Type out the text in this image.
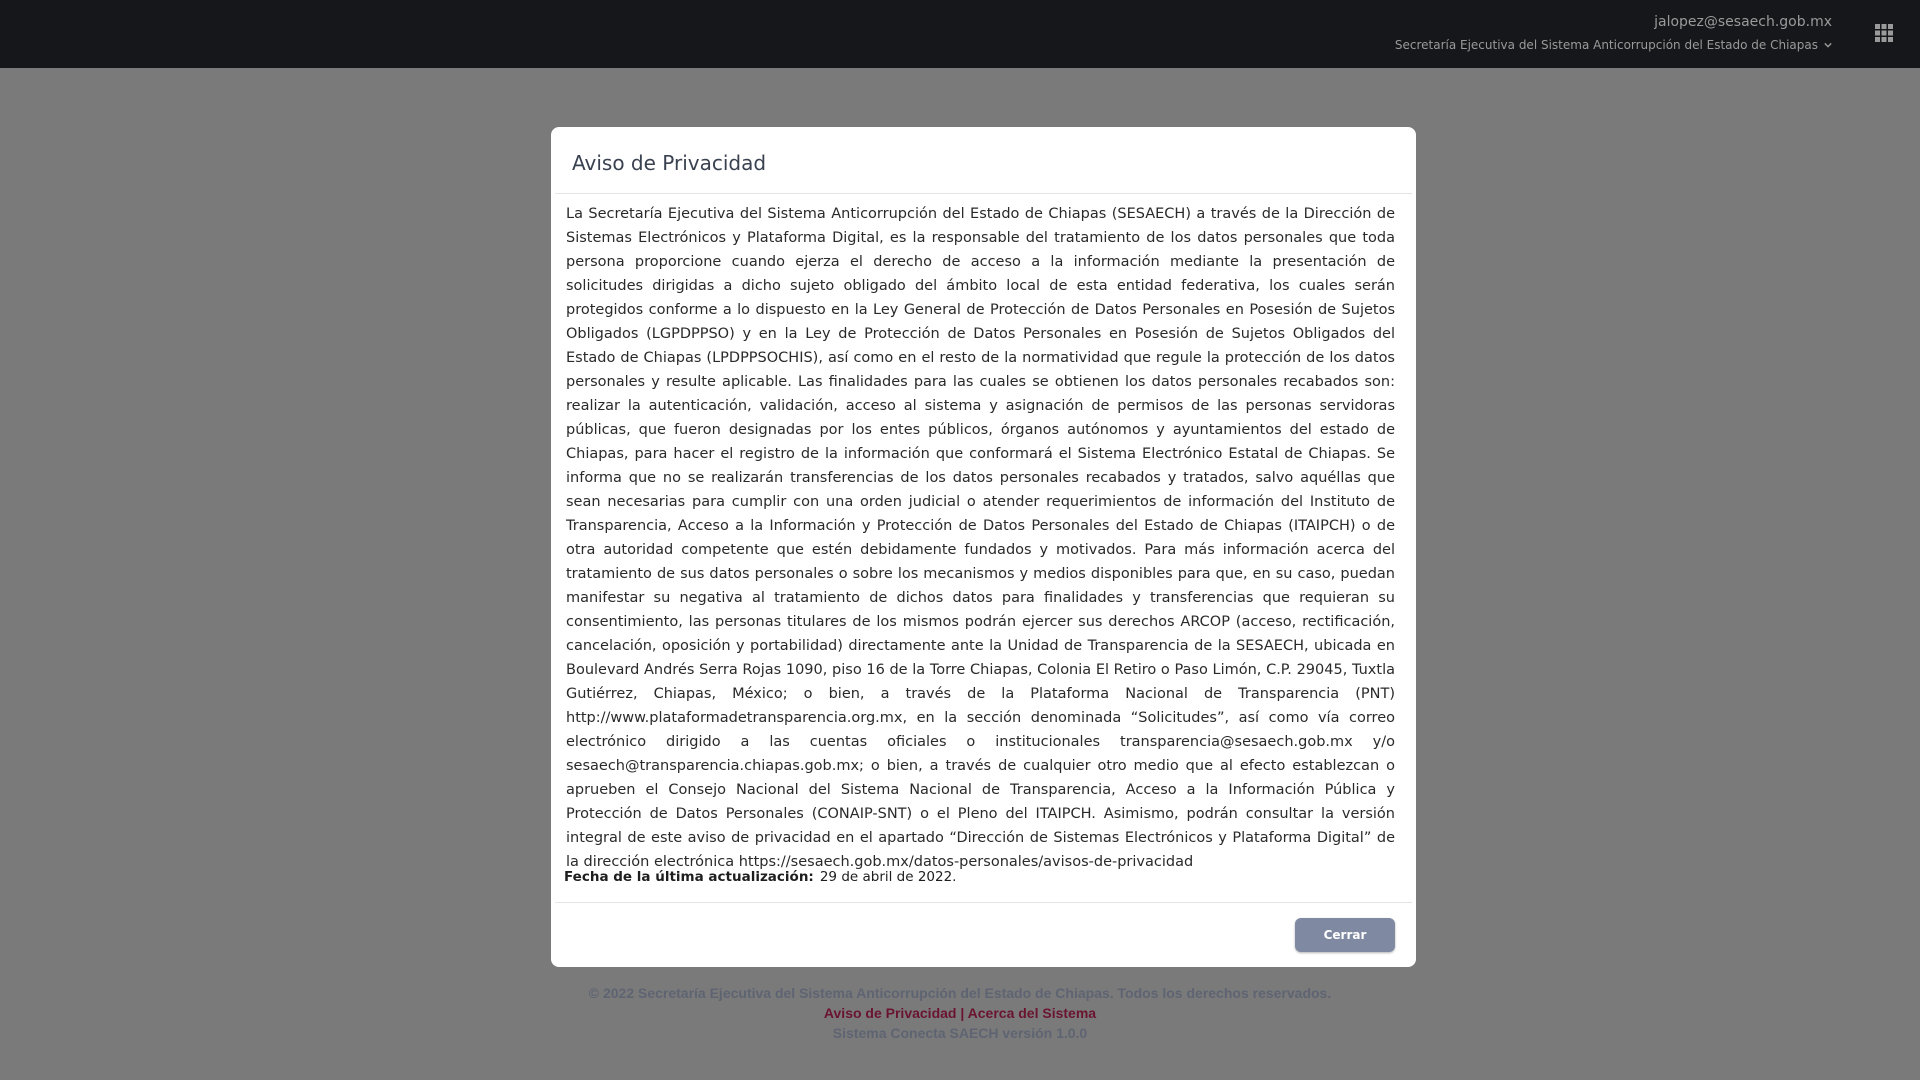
jalopez@sesaech.gob.mx
Secretaría Ejecutiva del Sistema Anticorrupción del Estado de Chiapas
Aviso de Privacidad

La Secretaría Ejecutiva del Sistema Anticorrupción del Estado de Chiapas (SESAECH) a través de la Dirección de Sistemas Electrónicos y Plataforma Digital, es la responsable del tratamiento de los datos personales que toda persona proporcione cuando ejerza el derecho de acceso a la información mediante la presentación de solicitudes dirigidas a dicho sujeto obligado del ámbito local de esta entidad federativa, los cuales serán protegidos conforme a lo dispuesto en la Ley General de Protección de Datos Personales en Posesión de Sujetos Obligados (LGPDPPSO) y en la Ley de Protección de Datos Personales en Posesión de Sujetos Obligados del Estado de Chiapas (LPDPPSOCHIS), así como en el resto de la normatividad que regule la protección de los datos personales y resulte aplicable. Las finalidades para las cuales se obtienen los datos personales recabados son: realizar la autenticación, validación, acceso al sistema y asignación de permisos de las personas servidoras públicas, que fueron designadas por los entes públicos, órganos autónomos y ayuntamientos del estado de Chiapas, para hacer el registro de la información que conformará el Sistema Electrónico Estatal de Chiapas. Se informa que no se realizarán transferencias de los datos personales recabados y tratados, salvo aquéllas que sean necesarias para cumplir con una orden judicial o atender requerimientos de información del Instituto de Transparencia, Acceso a la Información y Protección de Datos Personales del Estado de Chiapas (ITAIPCH) o de otra autoridad competente que estén debidamente fundados y motivados. Para más información acerca del tratamiento de sus datos personales o sobre los mecanismos y medios disponibles para que, en su caso, puedan manifestar su negativa al tratamiento de dichos datos para finalidades y transferencias que requieran su consentimiento, las personas titulares de los mismos podrán ejercer sus derechos ARCOP (acceso, rectificación, cancelación, oposición y portabilidad) directamente ante la Unidad de Transparencia de la SESAECH, ubicada en Boulevard Andrés Serra Rojas 1090, piso 16 de la Torre Chiapas, Colonia El Retiro o Paso Limón, C.P. 29045, Tuxtla Gutiérrez, Chiapas, México; o bien, a través de la Plataforma Nacional de Transparencia (PNT) http://www.plataformadetransparencia.org.mx, en la sección denominada “Solicitudes”, así como vía correo electrónico dirigido a las cuentas oficiales o institucionales transparencia@sesaech.gob.mx y/o sesaech@transparencia.chiapas.gob.mx; o bien, a través de cualquier otro medio que al efecto establezcan o aprueben el Consejo Nacional del Sistema Nacional de Transparencia, Acceso a la Información Pública y Protección de Datos Personales (CONAIP-SNT) o el Pleno del ITAIPCH. Asimismo, podrán consultar la versión integral de este aviso de privacidad en el apartado “Dirección de Sistemas Electrónicos y Plataforma Digital” de la dirección electrónica https://sesaech.gob.mx/datos-personales/avisos-de-privacidad

Fecha de la última actualización: 29 de abril de 2022.
Cerrar
© 2022 Secretaría Ejecutiva del Sistema Anticorrupción del Estado de Chiapas. Todos los derechos reservados.
Aviso de Privacidad | Acerca del Sistema
Sistema Conecta SAECH versión 1.0.0
